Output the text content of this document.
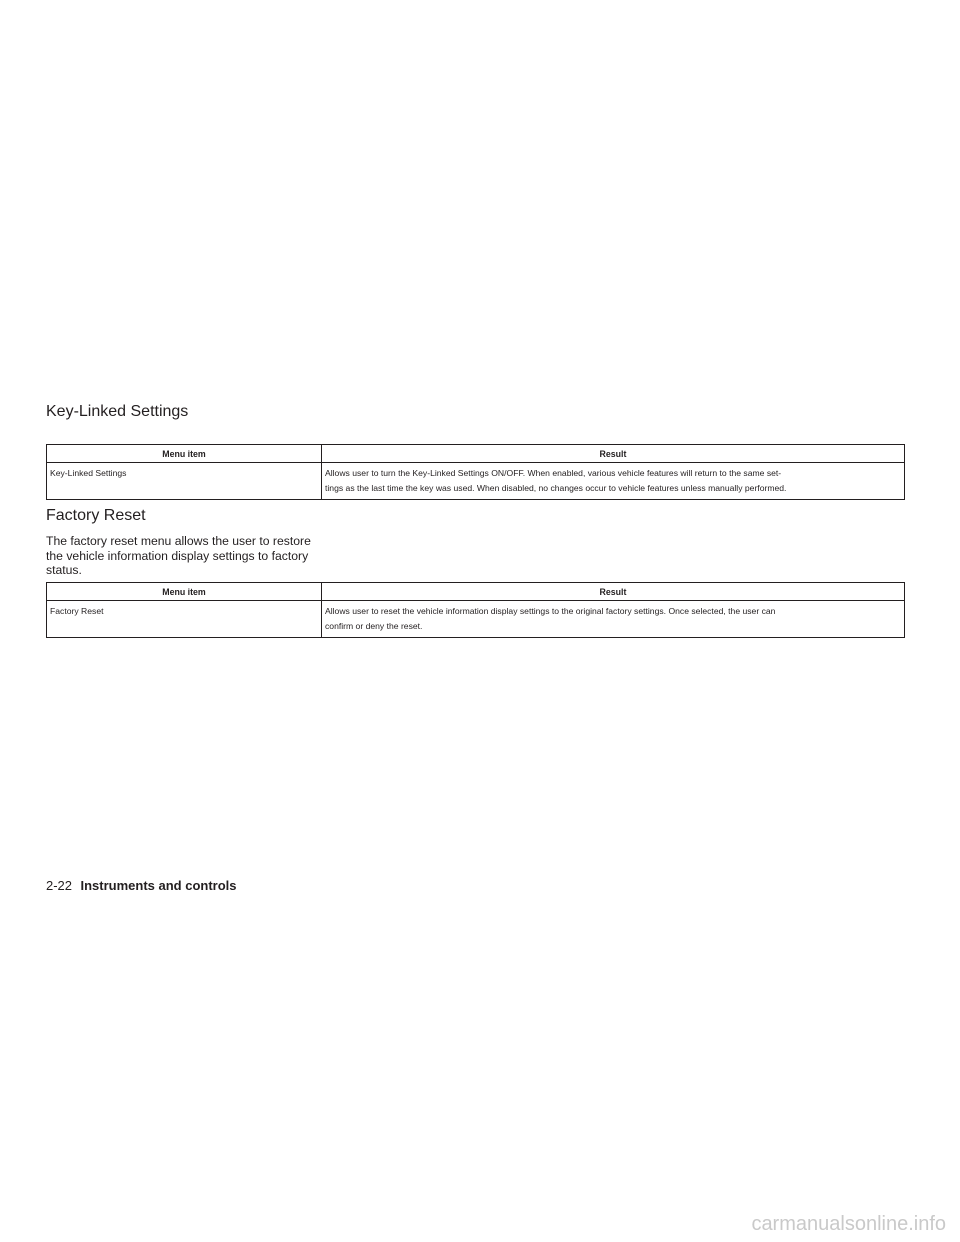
Key-Linked Settings
Menu item	Result
Key-Linked Settings	Allows user to turn the Key-Linked Settings ON/OFF. When enabled, various vehicle features will return to the same set-
tings as the last time the key was used. When disabled, no changes occur to vehicle features unless manually performed.
Factory Reset

The factory reset menu allows the user to restore the vehicle information display settings to factory status.

Menu item	Result
Factory Reset	Allows user to reset the vehicle information display settings to the original factory settings. Once selected, the user can
confirm or deny the reset.
2-22 Instruments and controls
carmanualsonline.info
